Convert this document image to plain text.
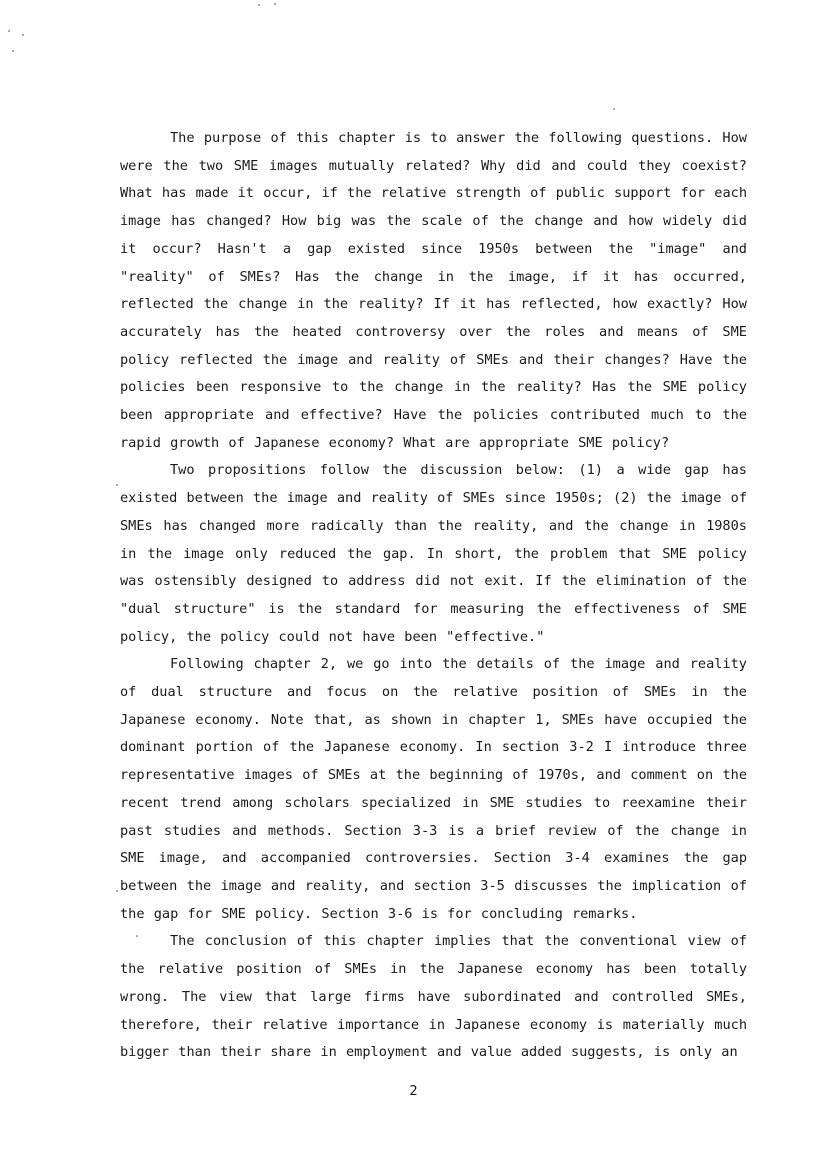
The purpose of this chapter is to answer the following questions. How were the two SME images mutually related? Why did and could they coexist? What has made it occur, if the relative strength of public support for each image has changed? How big was the scale of the change and how widely did it occur? Hasn't a gap existed since 1950s between the "image" and "reality" of SMEs? Has the change in the image, if it has occurred, reflected the change in the reality? If it has reflected, how exactly? How accurately has the heated controversy over the roles and means of SME policy reflected the image and reality of SMEs and their changes? Have the policies been responsive to the change in the reality? Has the SME policy been appropriate and effective? Have the policies contributed much to the rapid growth of Japanese economy? What are appropriate SME policy?

Two propositions follow the discussion below: (1) a wide gap has existed between the image and reality of SMEs since 1950s; (2) the image of SMEs has changed more radically than the reality, and the change in 1980s in the image only reduced the gap. In short, the problem that SME policy was ostensibly designed to address did not exit. If the elimination of the "dual structure" is the standard for measuring the effectiveness of SME policy, the policy could not have been "effective."

Following chapter 2, we go into the details of the image and reality of dual structure and focus on the relative position of SMEs in the Japanese economy. Note that, as shown in chapter 1, SMEs have occupied the dominant portion of the Japanese economy. In section 3-2 I introduce three representative images of SMEs at the beginning of 1970s, and comment on the recent trend among scholars specialized in SME studies to reexamine their past studies and methods. Section 3-3 is a brief review of the change in SME image, and accompanied controversies. Section 3-4 examines the gap between the image and reality, and section 3-5 discusses the implication of the gap for SME policy. Section 3-6 is for concluding remarks.

The conclusion of this chapter implies that the conventional view of the relative position of SMEs in the Japanese economy has been totally wrong. The view that large firms have subordinated and controlled SMEs, therefore, their relative importance in Japanese economy is materially much bigger than their share in employment and value added suggests, is only an

2
